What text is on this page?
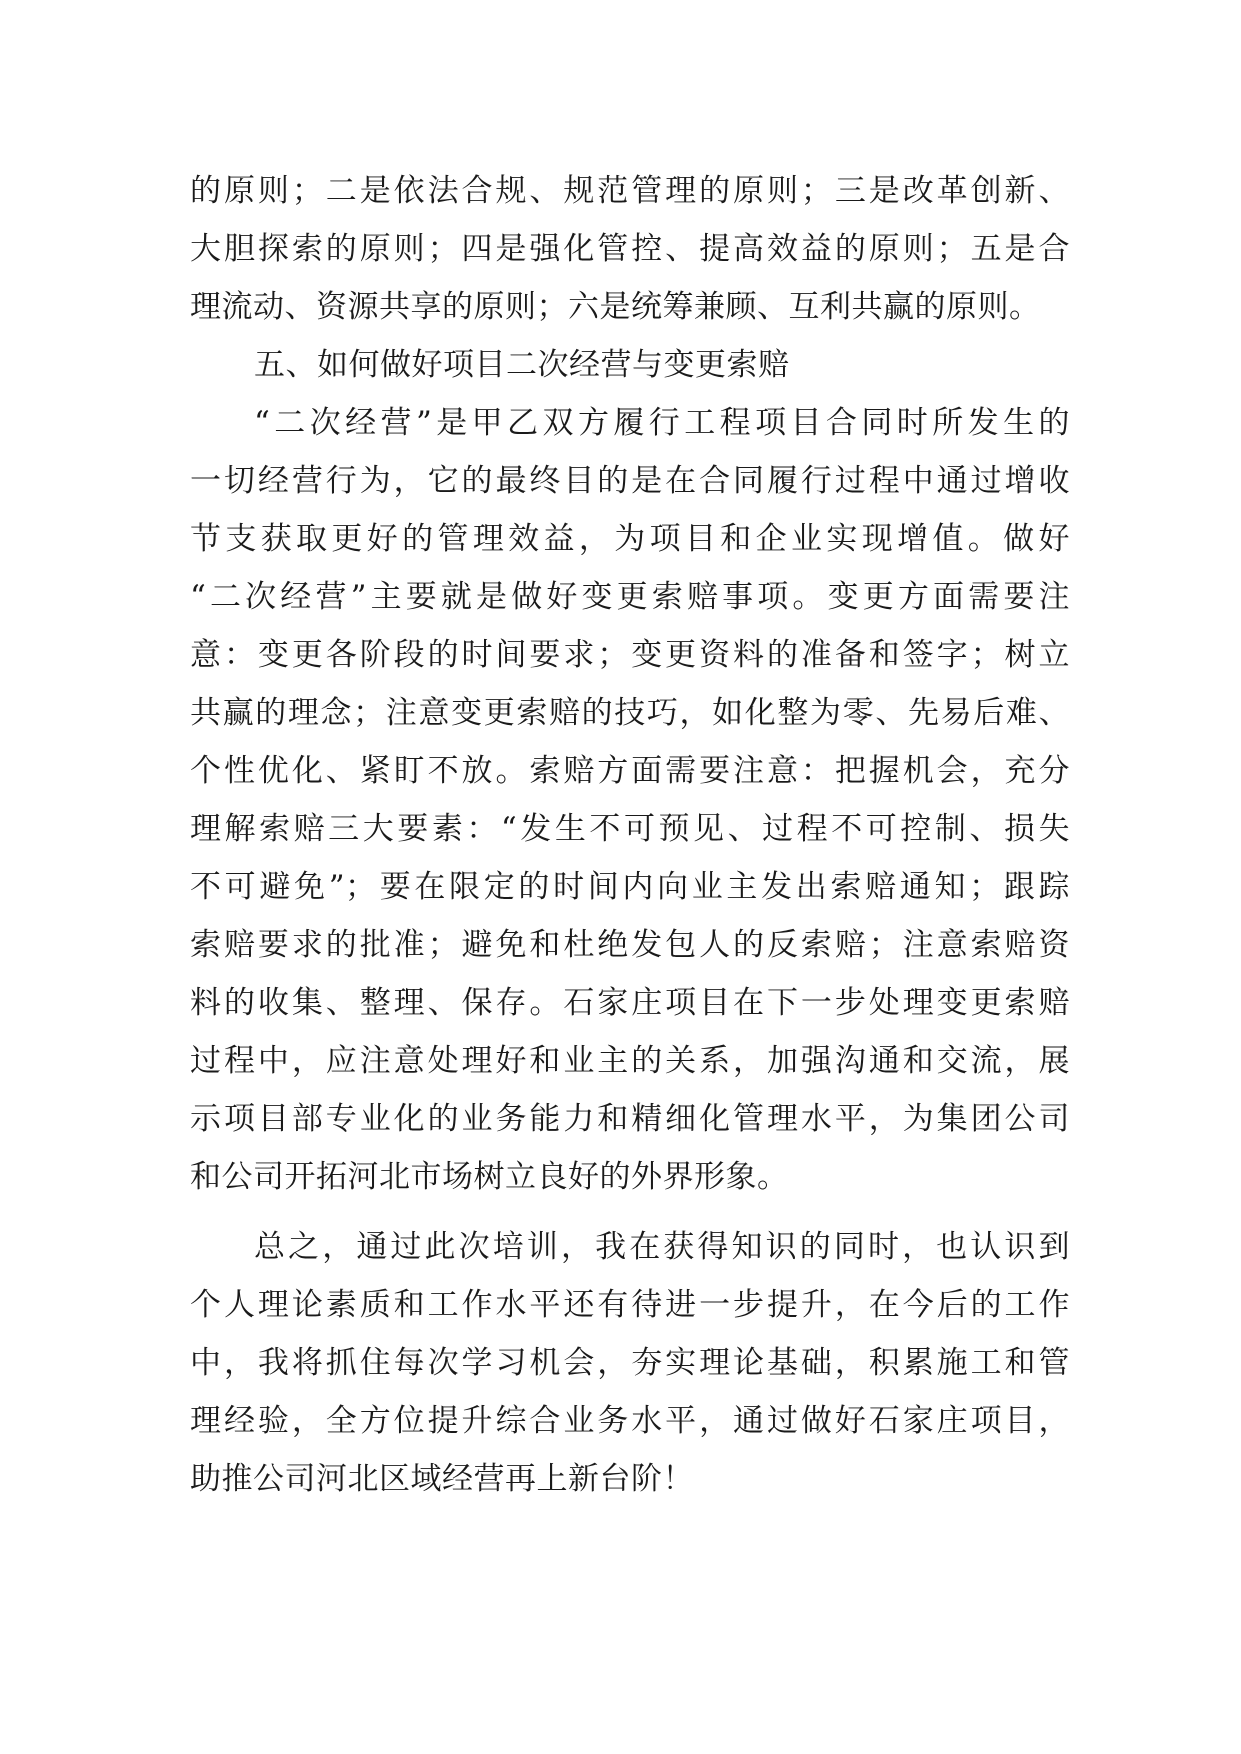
的原则；二是依法合规、规范管理的原则；三是改革创新、
大胆探索的原则；四是强化管控、提高效益的原则；五是合
理流动、资源共享的原则；六是统筹兼顾、互利共赢的原则。
五、如何做好项目二次经营与变更索赔
“二次经营”是甲乙双方履行工程项目合同时所发生的
一切经营行为，它的最终目的是在合同履行过程中通过增收
节支获取更好的管理效益，为项目和企业实现增值。做好
“二次经营”主要就是做好变更索赔事项。变更方面需要注
意：变更各阶段的时间要求；变更资料的准备和签字；树立
共赢的理念；注意变更索赔的技巧，如化整为零、先易后难、
个性优化、紧盯不放。索赔方面需要注意：把握机会，充分
理解索赔三大要素：“发生不可预见、过程不可控制、损失
不可避免”；要在限定的时间内向业主发出索赔通知；跟踪
索赔要求的批准；避免和杜绝发包人的反索赔；注意索赔资
料的收集、整理、保存。石家庄项目在下一步处理变更索赔
过程中，应注意处理好和业主的关系，加强沟通和交流，展
示项目部专业化的业务能力和精细化管理水平，为集团公司
和公司开拓河北市场树立良好的外界形象。
总之，通过此次培训，我在获得知识的同时，也认识到
个人理论素质和工作水平还有待进一步提升，在今后的工作
中，我将抓住每次学习机会，夯实理论基础，积累施工和管
理经验，全方位提升综合业务水平，通过做好石家庄项目，
助推公司河北区域经营再上新台阶！
